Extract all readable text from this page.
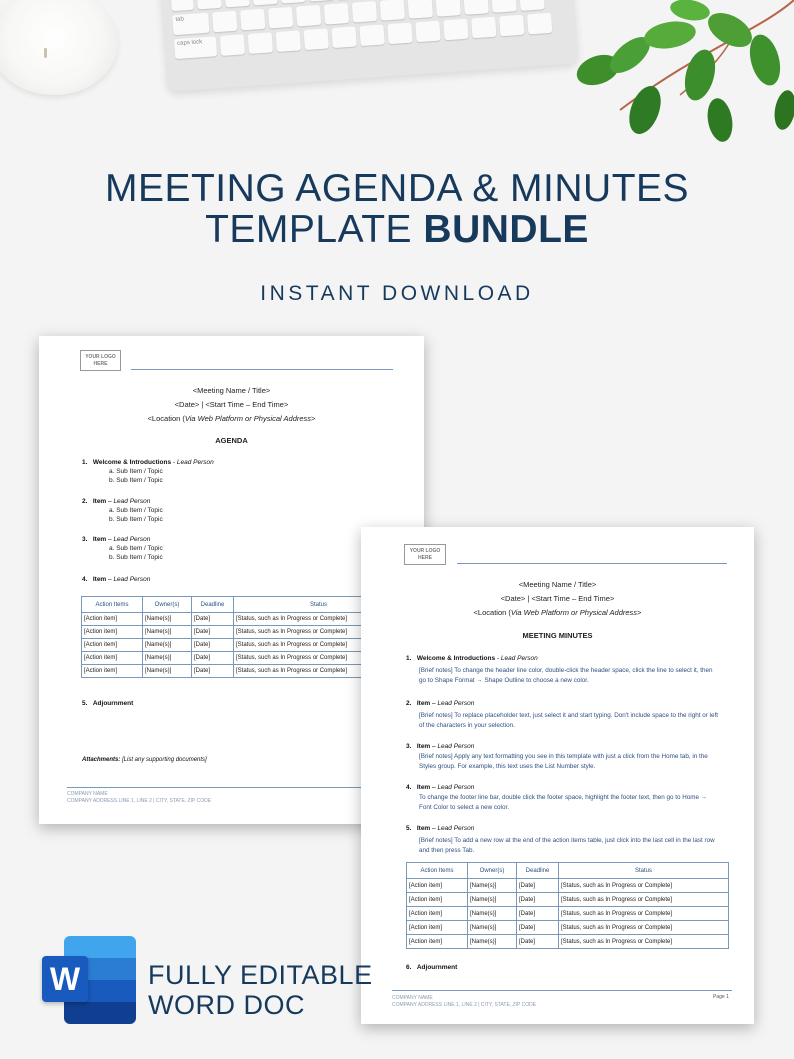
tab
caps lock
MEETING AGENDA & MINUTES
TEMPLATE BUNDLE
INSTANT DOWNLOAD
YOUR LOGO
HERE
<Meeting Name / Title>
<Date> | <Start Time – End Time>
<Location (Via Web Platform or Physical Address>
AGENDA
1. Welcome & Introductions - Lead Person
a. Sub Item / Topic
b. Sub Item / Topic
2. Item – Lead Person
a. Sub Item / Topic
b. Sub Item / Topic
3. Item – Lead Person
a. Sub Item / Topic
b. Sub Item / Topic
4. Item – Lead Person
Action Items	Owner(s)	Deadline	Status
[Action item]	[Name(s)]	[Date]	[Status, such as In Progress or Complete]
[Action item]	[Name(s)]	[Date]	[Status, such as In Progress or Complete]
[Action item]	[Name(s)]	[Date]	[Status, such as In Progress or Complete]
[Action item]	[Name(s)]	[Date]	[Status, such as In Progress or Complete]
[Action item]	[Name(s)]	[Date]	[Status, such as In Progress or Complete]
5. Adjournment
Attachments: [List any supporting documents]
COMPANY NAME
COMPANY ADDRESS LINE 1, LINE 2 | CITY, STATE, ZIP CODE
YOUR LOGO
HERE
<Meeting Name / Title>
<Date> | <Start Time – End Time>
<Location (Via Web Platform or Physical Address>
MEETING MINUTES
1. Welcome & Introductions - Lead Person
[Brief notes] To change the header line color, double-click the header space, click the line to select it, then go to Shape Format → Shape Outline to choose a new color.
2. Item – Lead Person
[Brief notes] To replace placeholder text, just select it and start typing. Don't include space to the right or left of the characters in your selection.
3. Item – Lead Person
[Brief notes] Apply any text formatting you see in this template with just a click from the Home tab, in the Styles group. For example, this text uses the List Number style.
4. Item – Lead Person
To change the footer line bar, double click the footer space, highlight the footer text, then go to Home → Font Color to select a new color.
5. Item – Lead Person
[Brief notes] To add a new row at the end of the action items table, just click into the last cell in the last row and then press Tab.
Action Items	Owner(s)	Deadline	Status
[Action item]	[Name(s)]	[Date]	[Status, such as In Progress or Complete]
[Action item]	[Name(s)]	[Date]	[Status, such as In Progress or Complete]
[Action item]	[Name(s)]	[Date]	[Status, such as In Progress or Complete]
[Action item]	[Name(s)]	[Date]	[Status, such as In Progress or Complete]
[Action item]	[Name(s)]	[Date]	[Status, such as In Progress or Complete]
6. Adjournment
COMPANY NAME
COMPANY ADDRESS LINE 1, LINE 2 | CITY, STATE, ZIP CODE
Page 1
W	FULLY EDITABLE
WORD DOC
